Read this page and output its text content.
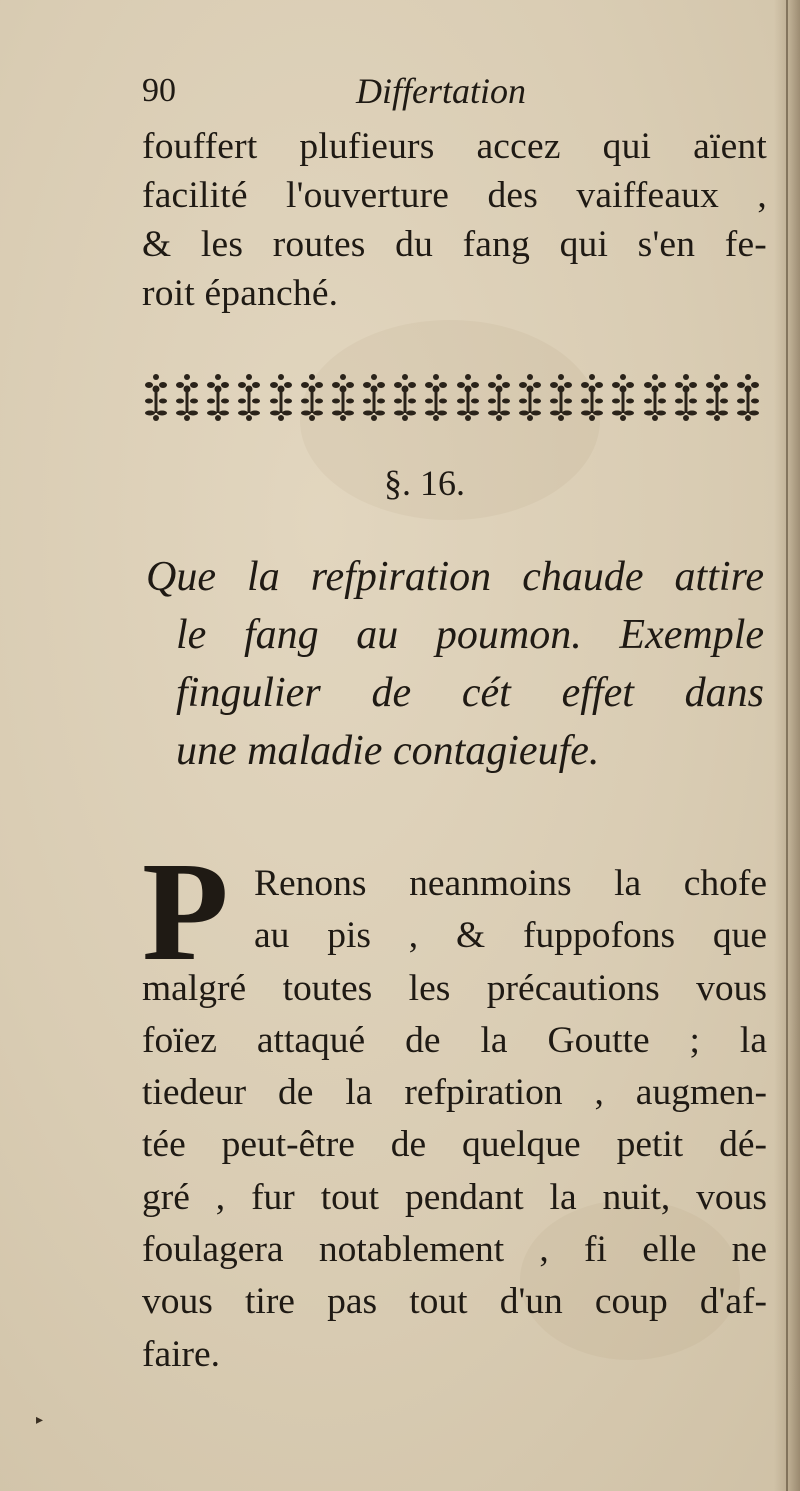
90	Differtation
fouffert plufieurs accez qui aïent
facilité l'ouverture des vaiffeaux ,
& les routes du fang qui s'en fe-
roit épanché.
§. 16.
Que la refpiration chaude attire
le fang au poumon. Exemple
fingulier de cét effet dans
une maladie contagieufe.
P Renons neanmoins la chofe
au pis , & fuppofons que
malgré toutes les précautions vous
foïez attaqué de la Goutte ; la
tiedeur de la refpiration , augmen-
tée peut-être de quelque petit dé-
gré , fur tout pendant la nuit, vous
foulagera notablement , fi elle ne
vous tire pas tout d'un coup d'af-
faire.
▸
